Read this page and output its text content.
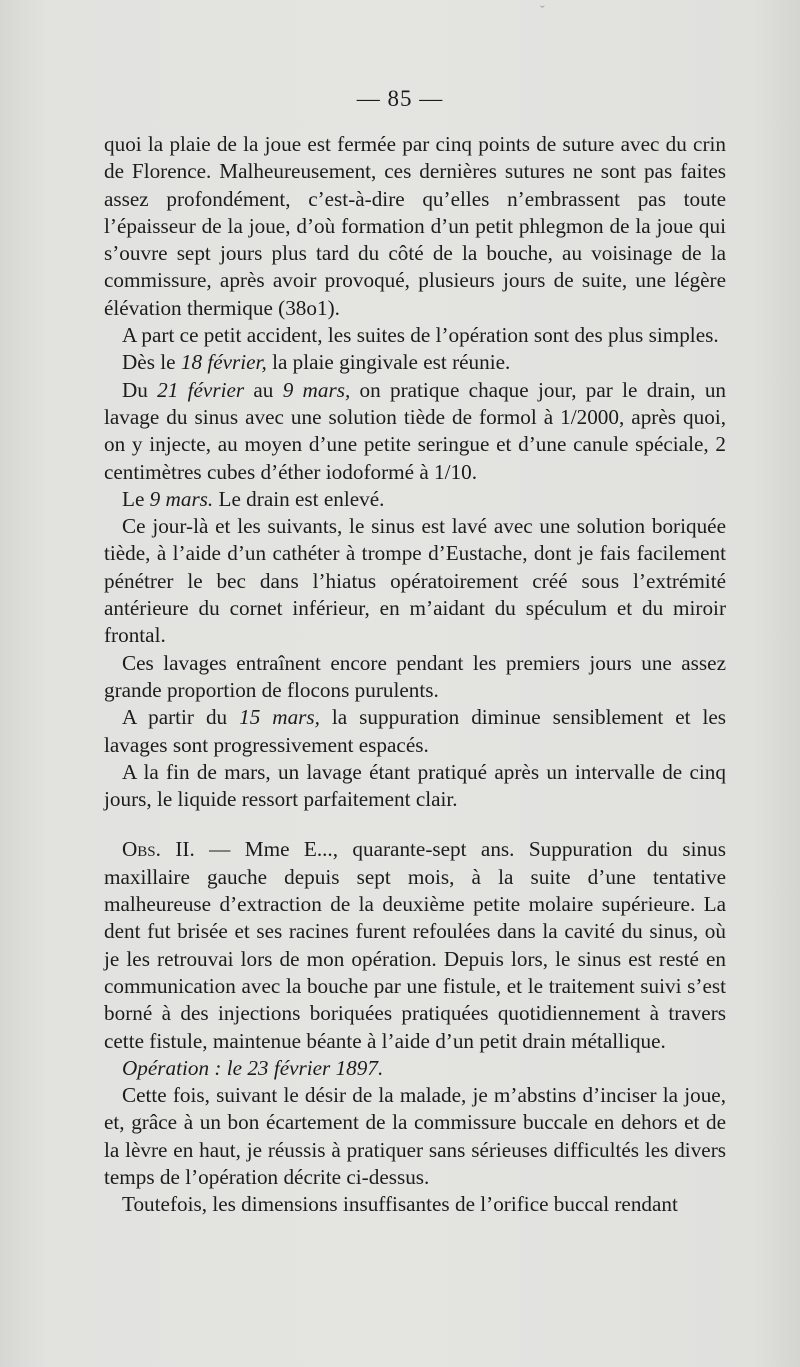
ˇ
— 85 —

quoi la plaie de la joue est fermée par cinq points de suture avec du crin de Florence. Malheureusement, ces dernières sutures ne sont pas faites assez profondément, c’est-à-dire qu’elles n’embrassent pas toute l’épaisseur de la joue, d’où formation d’un petit phlegmon de la joue qui s’ouvre sept jours plus tard du côté de la bouche, au voisinage de la commissure, après avoir provoqué, plusieurs jours de suite, une légère élévation thermique (38o1).

A part ce petit accident, les suites de l’opération sont des plus simples.

Dès le 18 février, la plaie gingivale est réunie.

Du 21 février au 9 mars, on pratique chaque jour, par le drain, un lavage du sinus avec une solution tiède de formol à 1/2000, après quoi, on y injecte, au moyen d’une petite seringue et d’une canule spéciale, 2 centimètres cubes d’éther iodoformé à 1/10.

Le 9 mars. Le drain est enlevé.

Ce jour-là et les suivants, le sinus est lavé avec une solution boriquée tiède, à l’aide d’un cathéter à trompe d’Eustache, dont je fais facilement pénétrer le bec dans l’hiatus opératoirement créé sous l’extrémité antérieure du cornet inférieur, en m’aidant du spéculum et du miroir frontal.

Ces lavages entraînent encore pendant les premiers jours une assez grande proportion de flocons purulents.

A partir du 15 mars, la suppuration diminue sensiblement et les lavages sont progressivement espacés.

A la fin de mars, un lavage étant pratiqué après un intervalle de cinq jours, le liquide ressort parfaitement clair.

Obs. II. — Mme E..., quarante-sept ans. Suppuration du sinus maxillaire gauche depuis sept mois, à la suite d’une tentative malheureuse d’extraction de la deuxième petite molaire supérieure. La dent fut brisée et ses racines furent refoulées dans la cavité du sinus, où je les retrouvai lors de mon opération. Depuis lors, le sinus est resté en communication avec la bouche par une fistule, et le traitement suivi s’est borné à des injections boriquées pratiquées quotidiennement à travers cette fistule, maintenue béante à l’aide d’un petit drain métallique.

Opération : le 23 février 1897.

Cette fois, suivant le désir de la malade, je m’abstins d’inciser la joue, et, grâce à un bon écartement de la commissure buccale en dehors et de la lèvre en haut, je réussis à pratiquer sans sérieuses difficultés les divers temps de l’opération décrite ci-dessus.

Toutefois, les dimensions insuffisantes de l’orifice buccal rendant
